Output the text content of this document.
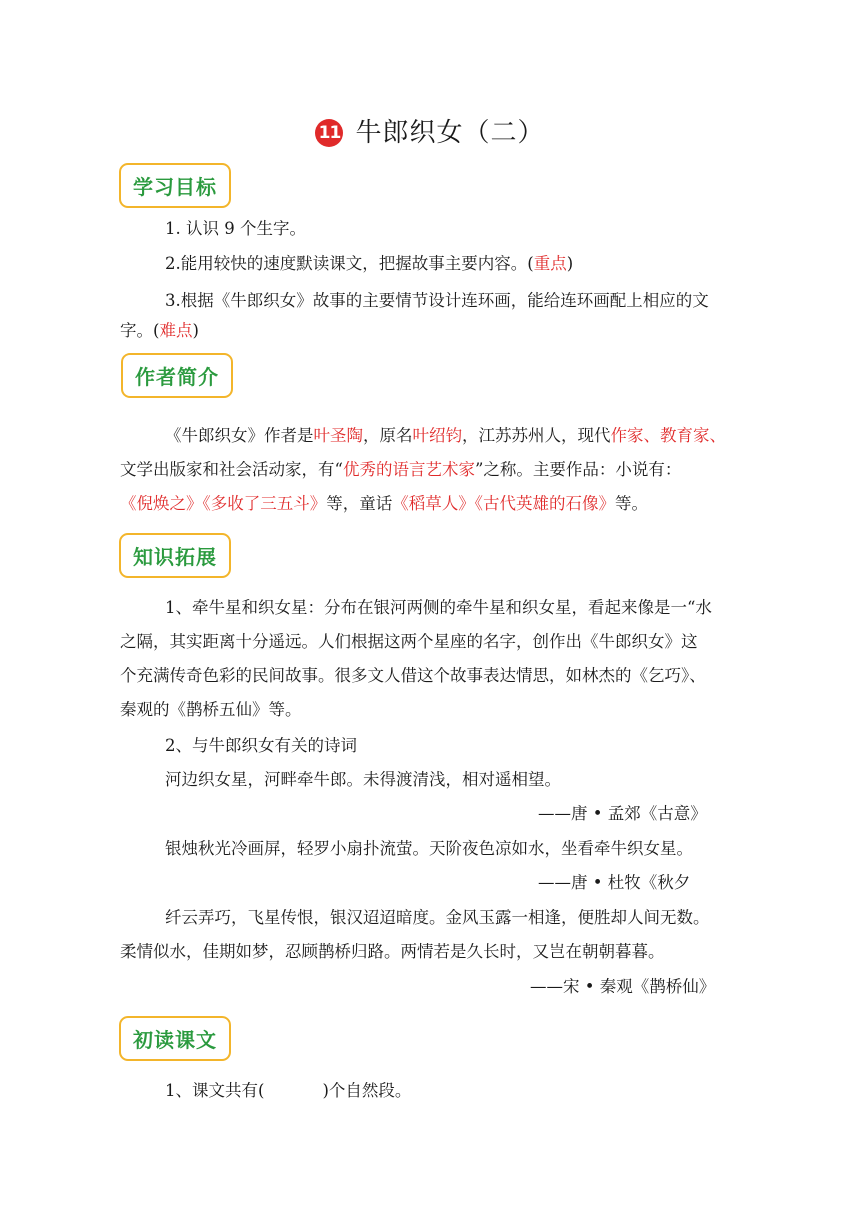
11 牛郎织女（二）
学习目标
1. 认识 9 个生字。
2.能用较快的速度默读课文，把握故事主要内容。(重点)
3.根据《牛郎织女》故事的主要情节设计连环画，能给连环画配上相应的文
字。(难点)
作者简介
《牛郎织女》作者是叶圣陶，原名叶绍钧，江苏苏州人，现代作家、教育家、
文学出版家和社会活动家，有“优秀的语言艺术家”之称。主要作品：小说有：
《倪焕之》《多收了三五斗》等，童话《稻草人》《古代英雄的石像》等。
知识拓展
1、牵牛星和织女星：分布在银河两侧的牵牛星和织女星，看起来像是一“水
之隔，其实距离十分遥远。人们根据这两个星座的名字，创作出《牛郎织女》这
个充满传奇色彩的民间故事。很多文人借这个故事表达情思，如林杰的《乞巧》、
秦观的《鹊桥五仙》等。
2、与牛郎织女有关的诗词
河边织女星，河畔牵牛郎。未得渡清浅，相对遥相望。
——唐 • 孟郊《古意》
银烛秋光冷画屏，轻罗小扇扑流萤。天阶夜色凉如水，坐看牵牛织女星。
——唐 • 杜牧《秋夕
纤云弄巧，飞星传恨，银汉迢迢暗度。金风玉露一相逢，便胜却人间无数。
柔情似水，佳期如梦，忍顾鹊桥归路。两情若是久长时，又岂在朝朝暮暮。
——宋 • 秦观《鹊桥仙》
初读课文
1、课文共有(	)个自然段。
